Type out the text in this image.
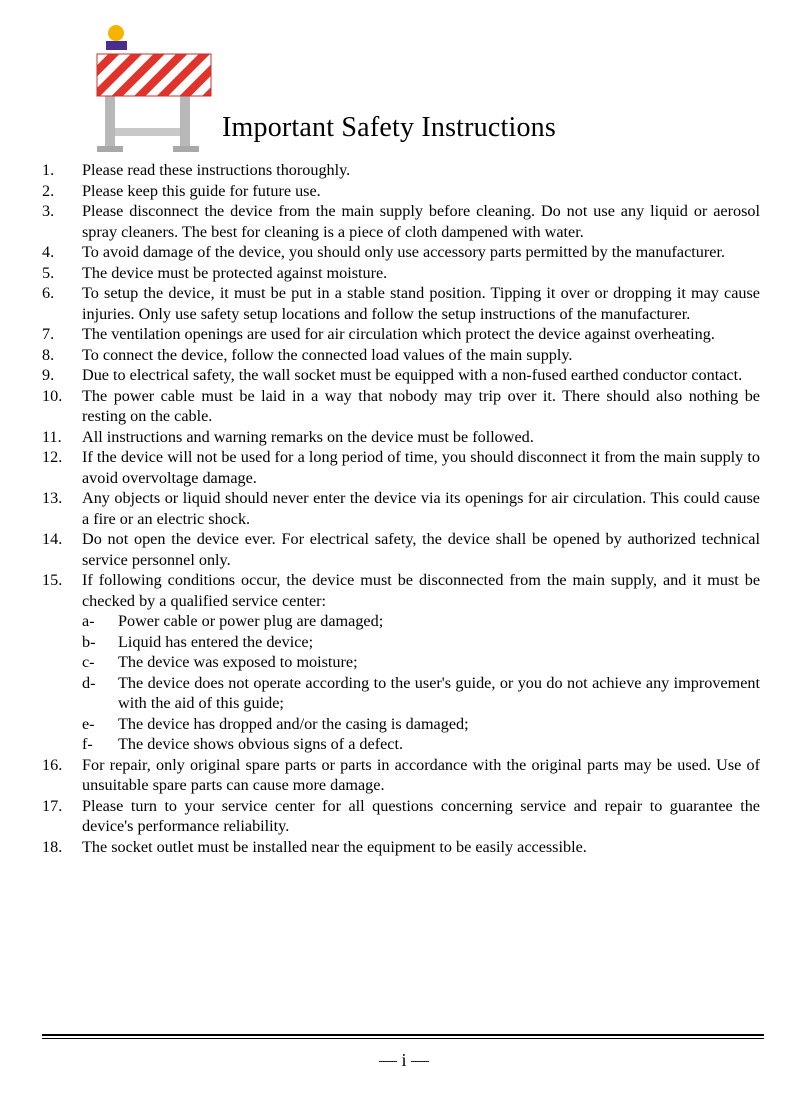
Important Safety Instructions
1.	Please read these instructions thoroughly.
2.	Please keep this guide for future use.
3.	Please disconnect the device from the main supply before cleaning. Do not use any liquid or aerosol spray cleaners. The best for cleaning is a piece of cloth dampened with water.
4.	To avoid damage of the device, you should only use accessory parts permitted by the manufacturer.
5.	The device must be protected against moisture.
6.	To setup the device, it must be put in a stable stand position. Tipping it over or dropping it may cause injuries. Only use safety setup locations and follow the setup instructions of the manufacturer.
7.	The ventilation openings are used for air circulation which protect the device against overheating.
8.	To connect the device, follow the connected load values of the main supply.
9.	Due to electrical safety, the wall socket must be equipped with a non-fused earthed conductor contact.
10.	The power cable must be laid in a way that nobody may trip over it. There should also nothing be resting on the cable.
11.	All instructions and warning remarks on the device must be followed.
12.	If the device will not be used for a long period of time, you should disconnect it from the main supply to avoid overvoltage damage.
13.	Any objects or liquid should never enter the device via its openings for air circulation. This could cause a fire or an electric shock.
14.	Do not open the device ever. For electrical safety, the device shall be opened by authorized technical service personnel only.
15.	If following conditions occur, the device must be disconnected from the main supply, and it must be checked by a qualified service center:
a-	Power cable or power plug are damaged;
b-	Liquid has entered the device;
c-	The device was exposed to moisture;
d-	The device does not operate according to the user's guide, or you do not achieve any improvement with the aid of this guide;
e-	The device has dropped and/or the casing is damaged;
f-	The device shows obvious signs of a defect.
16.	For repair, only original spare parts or parts in accordance with the original parts may be used. Use of unsuitable spare parts can cause more damage.
17.	Please turn to your service center for all questions concerning service and repair to guarantee the device's performance reliability.
18.	The socket outlet must be installed near the equipment to be easily accessible.
— i —
